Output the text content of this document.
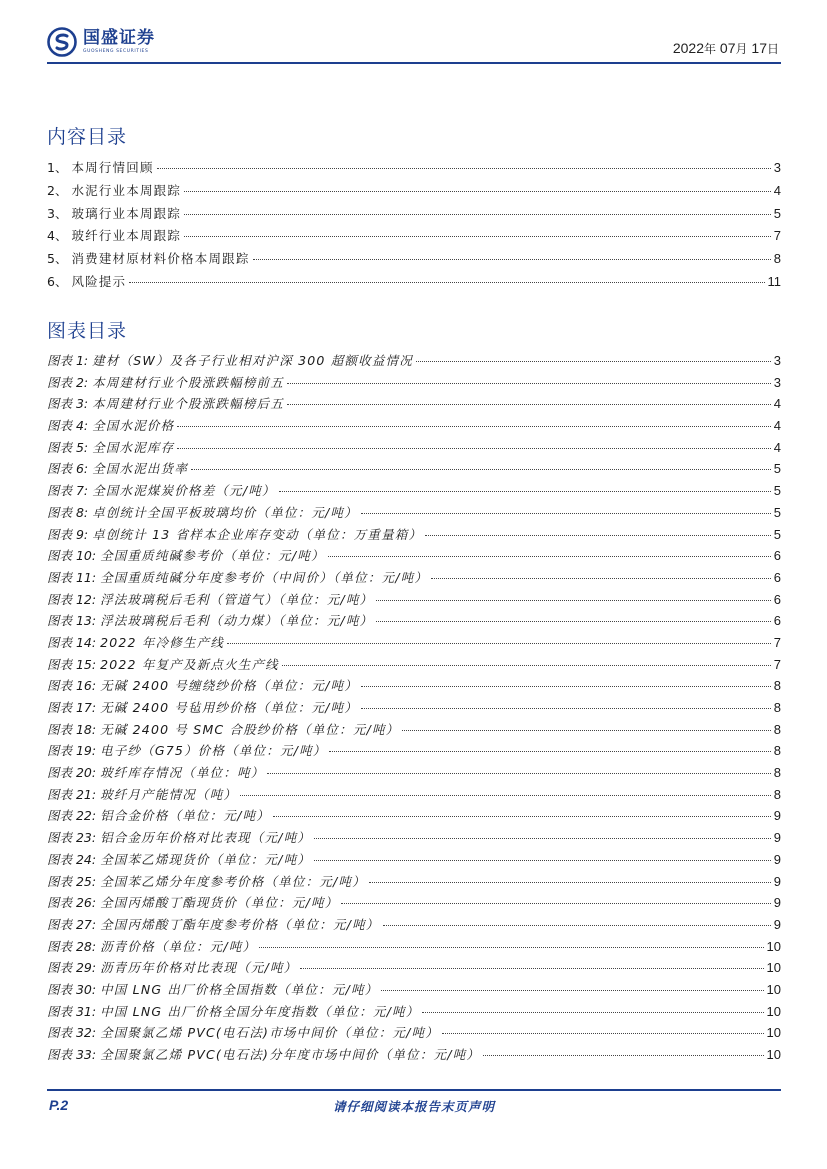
国盛证券
GUOSHENG SECURITIES	2022年 07月 17日
内容目录
1、 本周行情回顾	3
2、 水泥行业本周跟踪	4
3、 玻璃行业本周跟踪	5
4、 玻纤行业本周跟踪	7
5、 消费建材原材料价格本周跟踪	8
6、 风险提示	11
图表目录
图表 1: 建材（SW）及各子行业相对沪深 300 超额收益情况	3
图表 2: 本周建材行业个股涨跌幅榜前五	3
图表 3: 本周建材行业个股涨跌幅榜后五	4
图表 4: 全国水泥价格	4
图表 5: 全国水泥库存	4
图表 6: 全国水泥出货率	5
图表 7: 全国水泥煤炭价格差（元/吨）	5
图表 8: 卓创统计全国平板玻璃均价（单位：元/吨）	5
图表 9: 卓创统计 13 省样本企业库存变动（单位：万重量箱）	5
图表 10: 全国重质纯碱参考价（单位：元/吨）	6
图表 11: 全国重质纯碱分年度参考价（中间价）（单位：元/吨）	6
图表 12: 浮法玻璃税后毛利（管道气）（单位：元/吨）	6
图表 13: 浮法玻璃税后毛利（动力煤）（单位：元/吨）	6
图表 14: 2022 年冷修生产线	7
图表 15: 2022 年复产及新点火生产线	7
图表 16: 无碱 2400 号缠绕纱价格（单位：元/吨）	8
图表 17: 无碱 2400 号毡用纱价格（单位：元/吨）	8
图表 18: 无碱 2400 号 SMC 合股纱价格（单位：元/吨）	8
图表 19: 电子纱（G75）价格（单位：元/吨）	8
图表 20: 玻纤库存情况（单位：吨）	8
图表 21: 玻纤月产能情况（吨）	8
图表 22: 铝合金价格（单位：元/吨）	9
图表 23: 铝合金历年价格对比表现（元/吨）	9
图表 24: 全国苯乙烯现货价（单位：元/吨）	9
图表 25: 全国苯乙烯分年度参考价格（单位：元/吨）	9
图表 26: 全国丙烯酸丁酯现货价（单位：元/吨）	9
图表 27: 全国丙烯酸丁酯年度参考价格（单位：元/吨）	9
图表 28: 沥青价格（单位：元/吨）	10
图表 29: 沥青历年价格对比表现（元/吨）	10
图表 30: 中国 LNG 出厂价格全国指数（单位：元/吨）	10
图表 31: 中国 LNG 出厂价格全国分年度指数（单位：元/吨）	10
图表 32: 全国聚氯乙烯 PVC(电石法)市场中间价（单位：元/吨）	10
图表 33: 全国聚氯乙烯 PVC(电石法)分年度市场中间价（单位：元/吨）	10
P.2	请仔细阅读本报告末页声明
